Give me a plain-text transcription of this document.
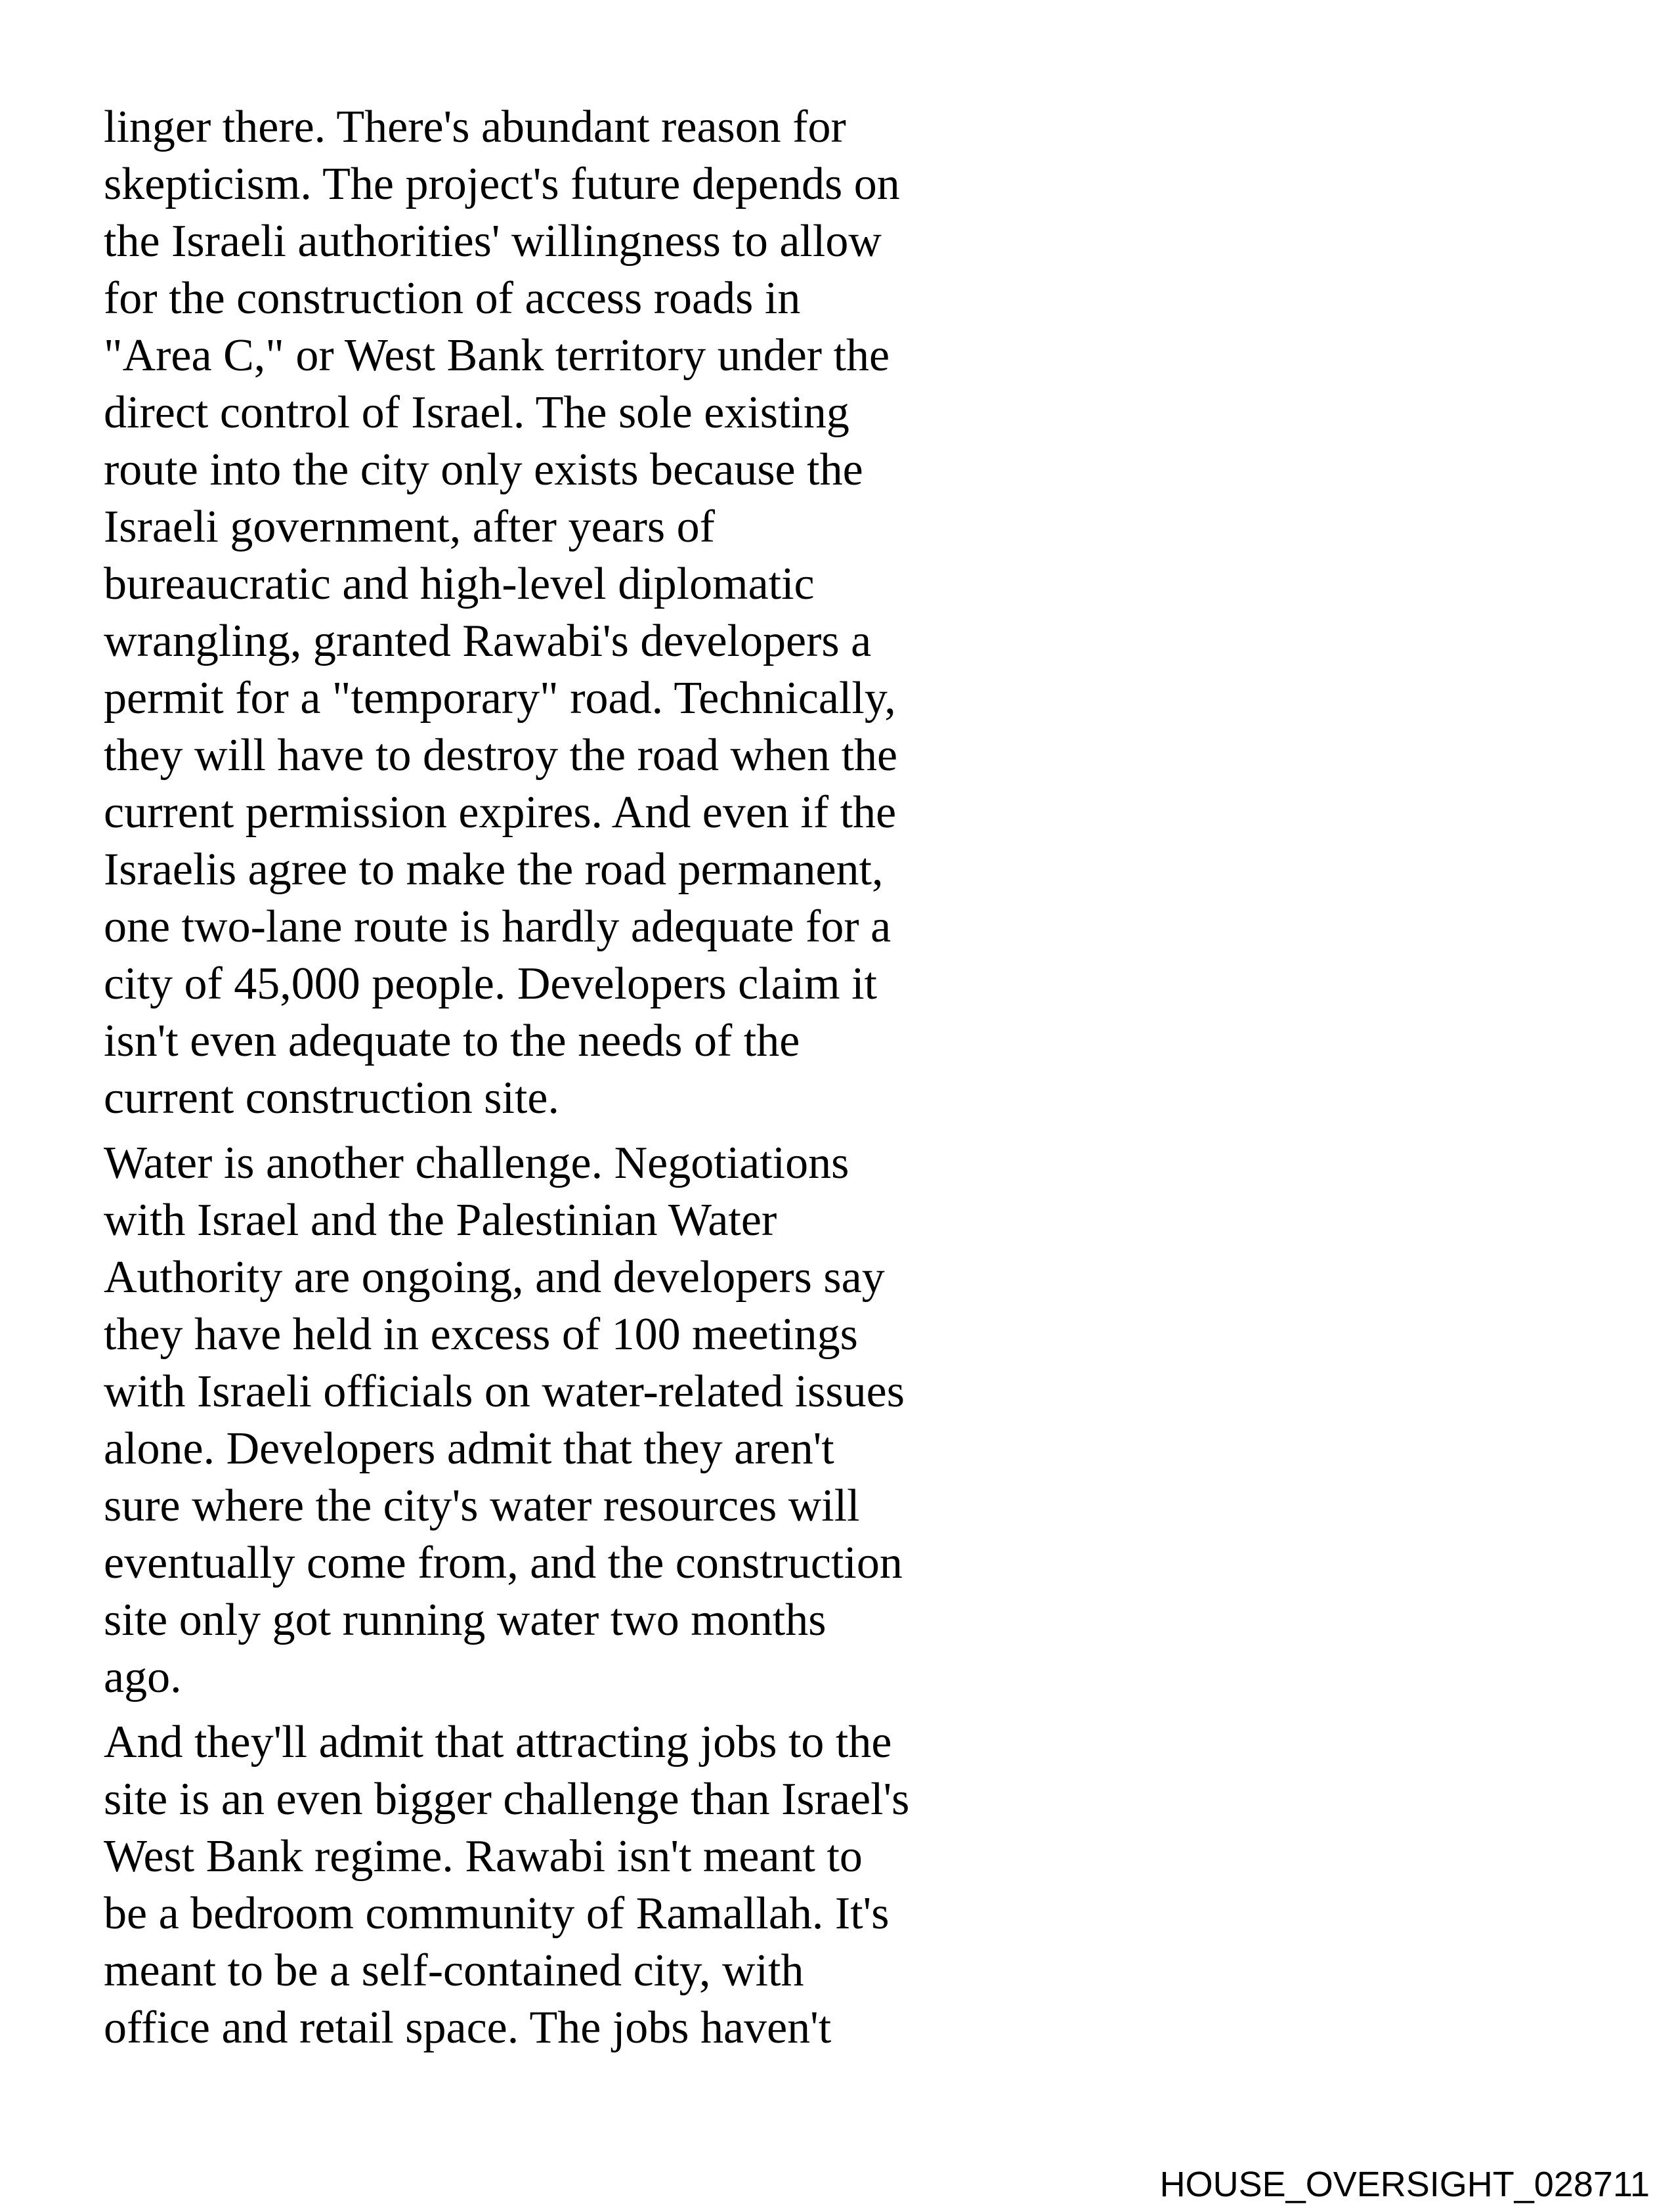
linger there. There's abundant reason for
skepticism. The project's future depends on
the Israeli authorities' willingness to allow
for the construction of access roads in
"Area C," or West Bank territory under the
direct control of Israel. The sole existing
route into the city only exists because the
Israeli government, after years of
bureaucratic and high-level diplomatic
wrangling, granted Rawabi's developers a
permit for a "temporary" road. Technically,
they will have to destroy the road when the
current permission expires. And even if the
Israelis agree to make the road permanent,
one two-lane route is hardly adequate for a
city of 45,000 people. Developers claim it
isn't even adequate to the needs of the
current construction site.
Water is another challenge. Negotiations
with Israel and the Palestinian Water
Authority are ongoing, and developers say
they have held in excess of 100 meetings
with Israeli officials on water-related issues
alone. Developers admit that they aren't
sure where the city's water resources will
eventually come from, and the construction
site only got running water two months
ago.
And they'll admit that attracting jobs to the
site is an even bigger challenge than Israel's
West Bank regime. Rawabi isn't meant to
be a bedroom community of Ramallah. It's
meant to be a self-contained city, with
office and retail space. The jobs haven't
HOUSE_OVERSIGHT_028711
